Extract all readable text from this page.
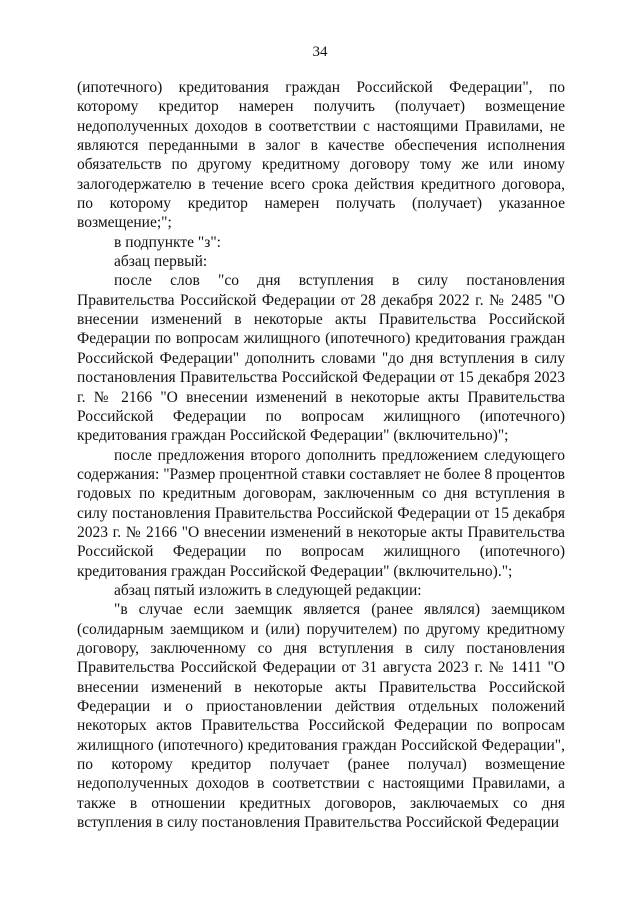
34

(ипотечного) кредитования граждан Российской Федерации", по которому кредитор намерен получить (получает) возмещение недополученных доходов в соответствии с настоящими Правилами, не являются переданными в залог в качестве обеспечения исполнения обязательств по другому кредитному договору тому же или иному залогодержателю в течение всего срока действия кредитного договора, по которому кредитор намерен получать (получает) указанное возмещение;";

в подпункте "з":

абзац первый:

после слов "со дня вступления в силу постановления Правительства Российской Федерации от 28 декабря 2022 г. № 2485 "О внесении изменений в некоторые акты Правительства Российской Федерации по вопросам жилищного (ипотечного) кредитования граждан Российской Федерации" дополнить словами "до дня вступления в силу постановления Правительства Российской Федерации от 15 декабря 2023 г. № 2166 "О внесении изменений в некоторые акты Правительства Российской Федерации по вопросам жилищного (ипотечного) кредитования граждан Российской Федерации" (включительно)";

после предложения второго дополнить предложением следующего содержания: "Размер процентной ставки составляет не более 8 процентов годовых по кредитным договорам, заключенным со дня вступления в силу постановления Правительства Российской Федерации от 15 декабря 2023 г. № 2166 "О внесении изменений в некоторые акты Правительства Российской Федерации по вопросам жилищного (ипотечного) кредитования граждан Российской Федерации" (включительно).";

абзац пятый изложить в следующей редакции:

"в случае если заемщик является (ранее являлся) заемщиком (солидарным заемщиком и (или) поручителем) по другому кредитному договору, заключенному со дня вступления в силу постановления Правительства Российской Федерации от 31 августа 2023 г. № 1411 "О внесении изменений в некоторые акты Правительства Российской Федерации и о приостановлении действия отдельных положений некоторых актов Правительства Российской Федерации по вопросам жилищного (ипотечного) кредитования граждан Российской Федерации", по которому кредитор получает (ранее получал) возмещение недополученных доходов в соответствии с настоящими Правилами, а также в отношении кредитных договоров, заключаемых со дня вступления в силу постановления Правительства Российской Федерации
